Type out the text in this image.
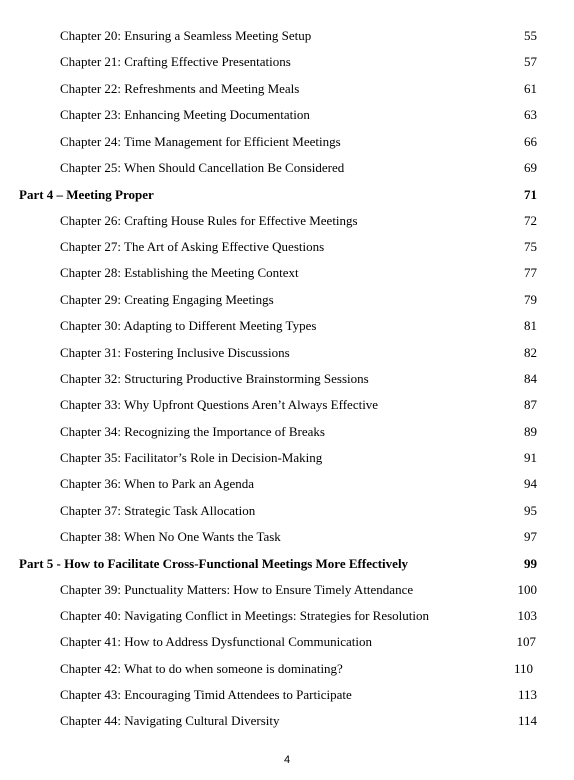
Chapter 20: Ensuring a Seamless Meeting Setup	55
Chapter 21: Crafting Effective Presentations	57
Chapter 22: Refreshments and Meeting Meals	61
Chapter 23: Enhancing Meeting Documentation	63
Chapter 24: Time Management for Efficient Meetings	66
Chapter 25: When Should Cancellation Be Considered	69
Part 4 – Meeting Proper	71
Chapter 26: Crafting House Rules for Effective Meetings	72
Chapter 27: The Art of Asking Effective Questions	75
Chapter 28: Establishing the Meeting Context	77
Chapter 29: Creating Engaging Meetings	79
Chapter 30: Adapting to Different Meeting Types	81
Chapter 31: Fostering Inclusive Discussions	82
Chapter 32: Structuring Productive Brainstorming Sessions	84
Chapter 33: Why Upfront Questions Aren’t Always Effective	87
Chapter 34: Recognizing the Importance of Breaks	89
Chapter 35: Facilitator’s Role in Decision-Making	91
Chapter 36: When to Park an Agenda	94
Chapter 37: Strategic Task Allocation	95
Chapter 38: When No One Wants the Task	97
Part 5 - How to Facilitate Cross-Functional Meetings More Effectively	99
Chapter 39: Punctuality Matters: How to Ensure Timely Attendance	100
Chapter 40: Navigating Conflict in Meetings: Strategies for Resolution	103
Chapter 41: How to Address Dysfunctional Communication	107
Chapter 42: What to do when someone is dominating?	110
Chapter 43: Encouraging Timid Attendees to Participate	113
Chapter 44: Navigating Cultural Diversity	114
4
